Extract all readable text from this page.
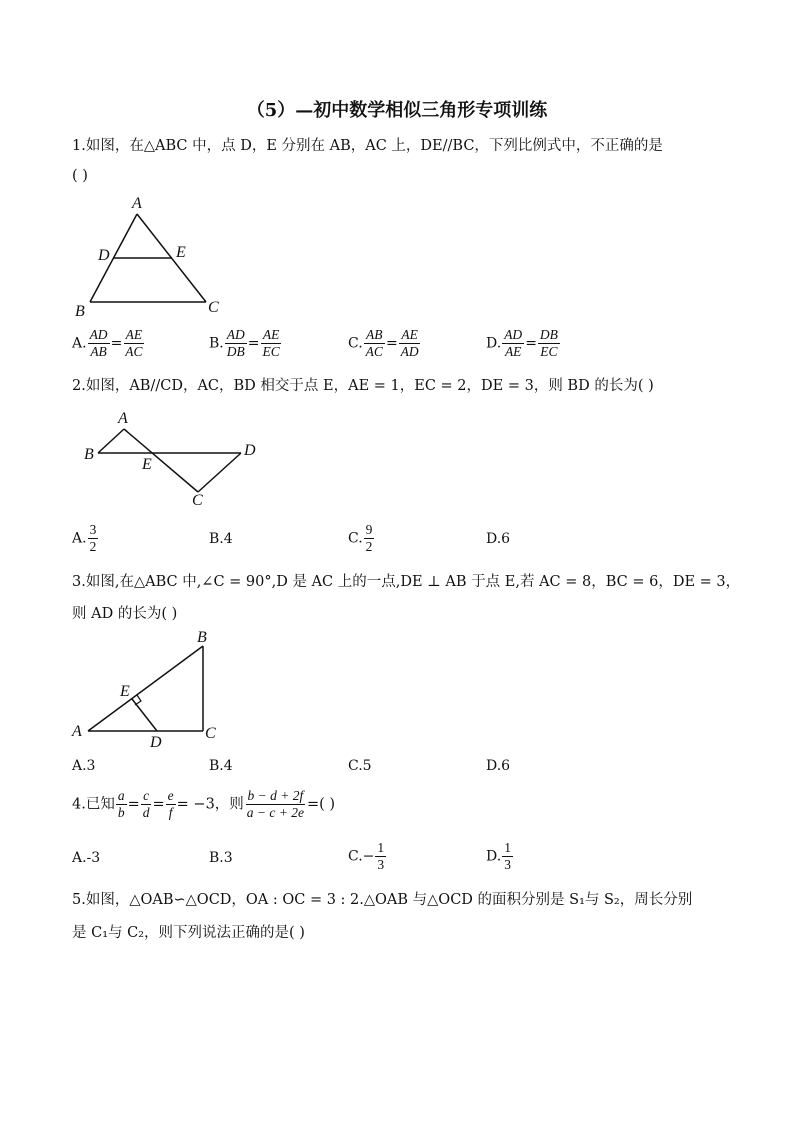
（5）—初中数学相似三角形专项训练
1.如图，在△ABC 中，点 D，E 分别在 AB，AC 上，DE//BC，下列比例式中，不正确的是
( )
A
B	C
D	E
A. $\frac{AD}{AB} = \frac{AE}{AC}$	B. $\frac{AD}{DB} = \frac{AE}{EC}$	C. $\frac{AB}{AC} = \frac{AE}{AD}$	D. $\frac{AD}{AE} = \frac{DB}{EC}$
2.如图，AB//CD，AC，BD 相交于点 E，AE = 1，EC = 2，DE = 3，则 BD 的长为( )
A
B
C
D
E
A. $\frac{3}{2}$	B.4	C. $\frac{9}{2}$	D.6
3.如图,在△ABC 中,∠C = 90°,D 是 AC 上的一点,DE ⊥ AB 于点 E,若 AC = 8，BC = 6，DE = 3，
则 AD 的长为( )
B
A	C
D
E
A.3	B.4	C.5	D.6
4.已知 $\frac{a}{b} = \frac{c}{d} = \frac{e}{f} = -3$，则 $\frac{b - d + 2f}{a - c + 2e}$ =( )
A.-3	B.3	$C.- \frac{1}{3}$	D. $\frac{1}{3}$
5.如图，△OAB∽△OCD，OA : OC = 3 : 2.△OAB 与△OCD 的面积分别是 S₁与 S₂，周长分别
是 C₁与 C₂，则下列说法正确的是( )
